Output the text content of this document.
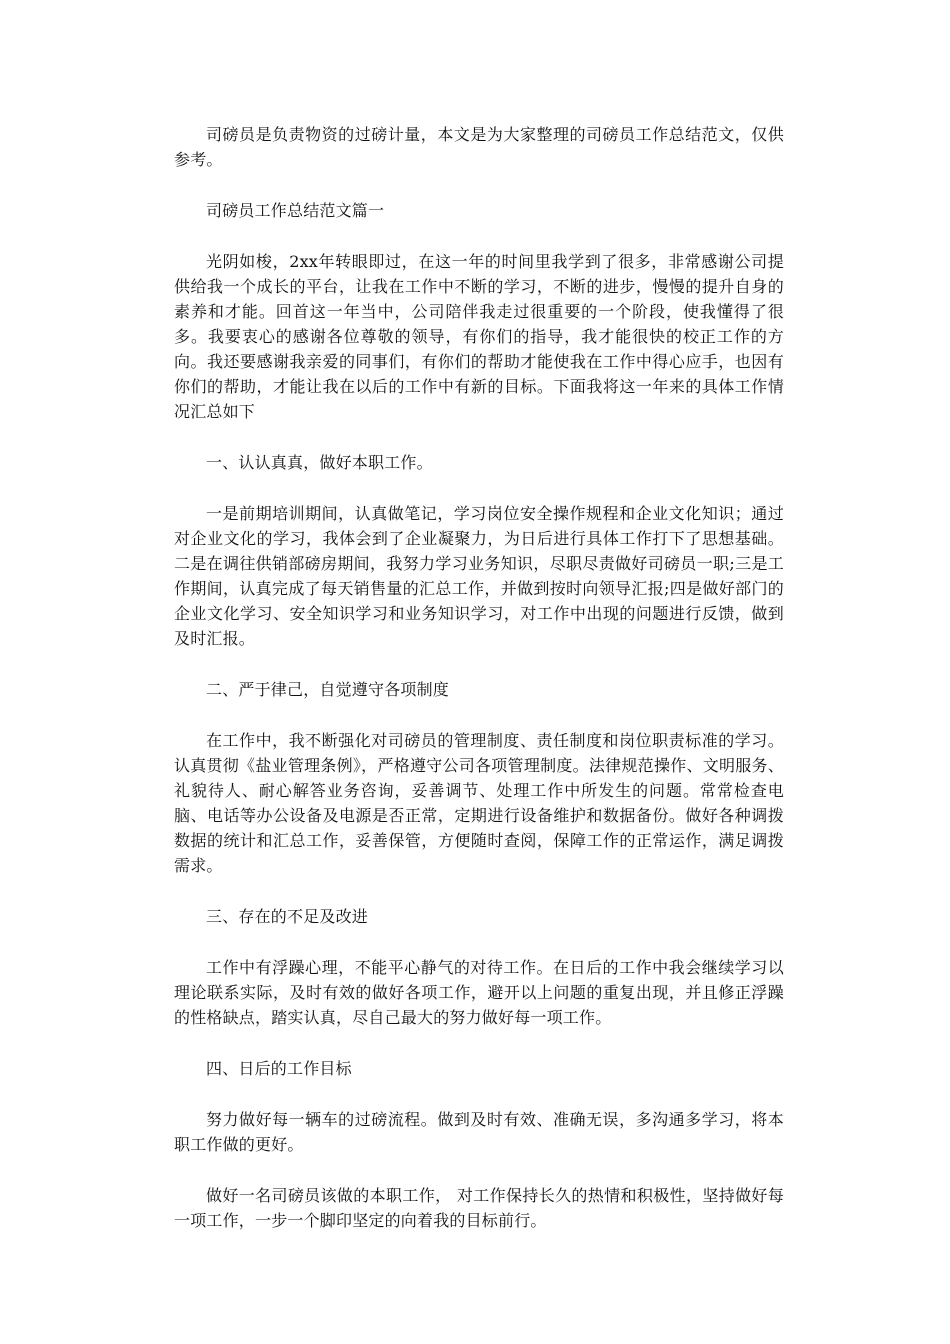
司磅员是负责物资的过磅计量，本文是为大家整理的司磅员工作总结范文，仅供参考。

司磅员工作总结范文篇一

光阴如梭，2xx年转眼即过，在这一年的时间里我学到了很多，非常感谢公司提供给我一个成长的平台，让我在工作中不断的学习，不断的进步，慢慢的提升自身的素养和才能。回首这一年当中，公司陪伴我走过很重要的一个阶段，使我懂得了很多。我要衷心的感谢各位尊敬的领导，有你们的指导，我才能很快的校正工作的方向。我还要感谢我亲爱的同事们，有你们的帮助才能使我在工作中得心应手，也因有你们的帮助，才能让我在以后的工作中有新的目标。下面我将这一年来的具体工作情况汇总如下

一、认认真真，做好本职工作。

一是前期培训期间，认真做笔记，学习岗位安全操作规程和企业文化知识；通过对企业文化的学习，我体会到了企业凝聚力，为日后进行具体工作打下了思想基础。二是在调往供销部磅房期间，我努力学习业务知识，尽职尽责做好司磅员一职;三是工作期间，认真完成了每天销售量的汇总工作，并做到按时向领导汇报;四是做好部门的企业文化学习、安全知识学习和业务知识学习，对工作中出现的问题进行反馈，做到及时汇报。

二、严于律己，自觉遵守各项制度

在工作中，我不断强化对司磅员的管理制度、责任制度和岗位职责标准的学习。认真贯彻《盐业管理条例》，严格遵守公司各项管理制度。法律规范操作、文明服务、礼貌待人、耐心解答业务咨询，妥善调节、处理工作中所发生的问题。常常检查电脑、电话等办公设备及电源是否正常，定期进行设备维护和数据备份。做好各种调拨数据的统计和汇总工作，妥善保管，方便随时查阅，保障工作的正常运作，满足调拨需求。

三、存在的不足及改进

工作中有浮躁心理，不能平心静气的对待工作。在日后的工作中我会继续学习以理论联系实际，及时有效的做好各项工作，避开以上问题的重复出现，并且修正浮躁的性格缺点，踏实认真，尽自己最大的努力做好每一项工作。

四、日后的工作目标

努力做好每一辆车的过磅流程。做到及时有效、准确无误，多沟通多学习，将本职工作做的更好。

做好一名司磅员该做的本职工作， 对工作保持长久的热情和积极性，坚持做好每一项工作，一步一个脚印坚定的向着我的目标前行。
